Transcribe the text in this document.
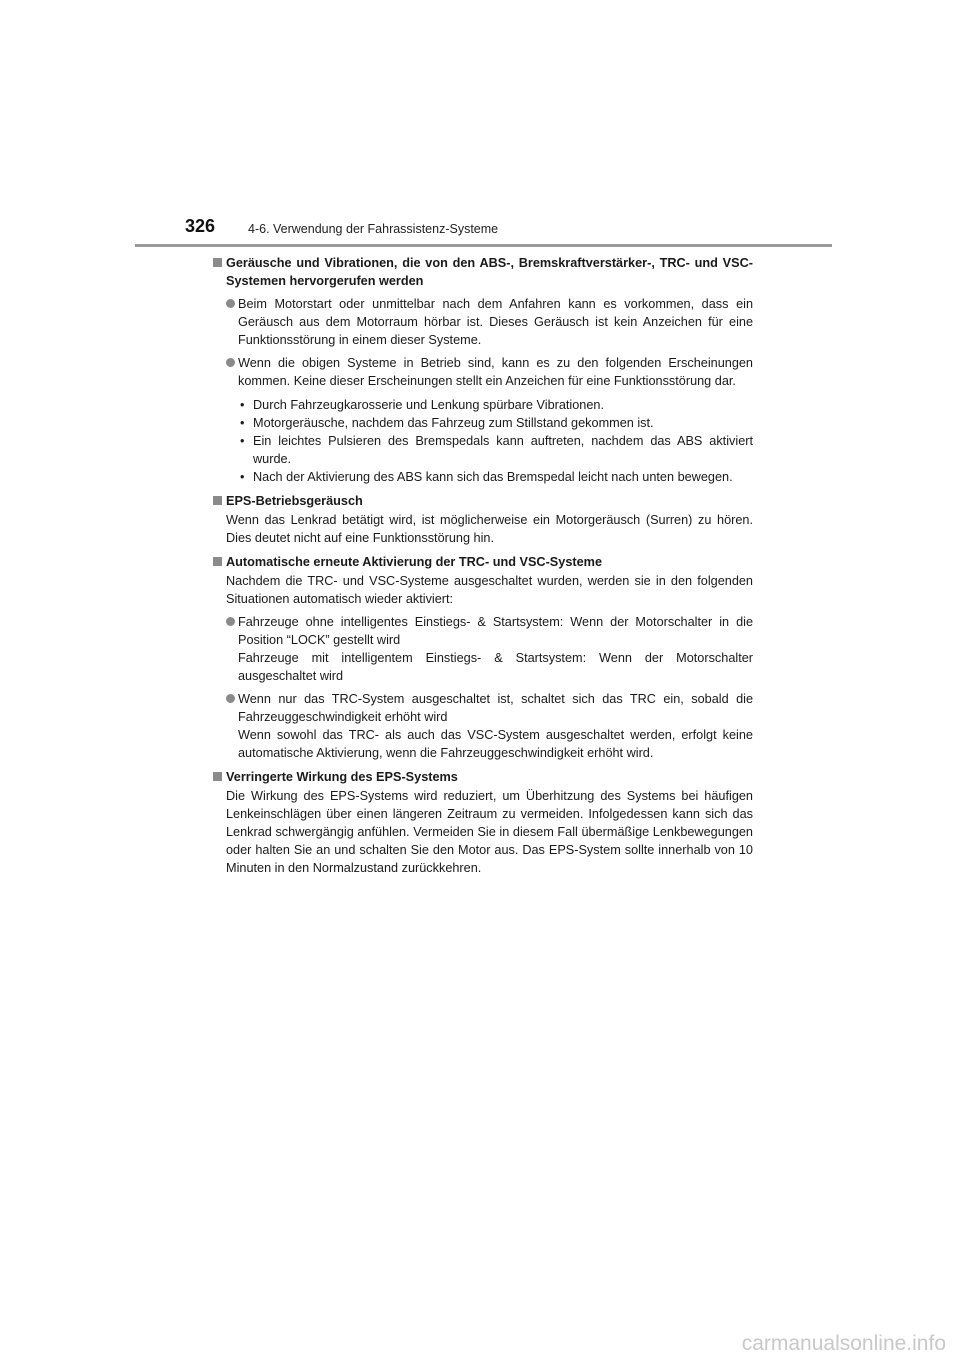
326	4-6. Verwendung der Fahrassistenz-Systeme
Geräusche und Vibrationen, die von den ABS-, Bremskraftverstärker-, TRC- und VSC-Systemen hervorgerufen werden
Beim Motorstart oder unmittelbar nach dem Anfahren kann es vorkommen, dass ein Geräusch aus dem Motorraum hörbar ist. Dieses Geräusch ist kein Anzeichen für eine Funktionsstörung in einem dieser Systeme.
Wenn die obigen Systeme in Betrieb sind, kann es zu den folgenden Erscheinungen kommen. Keine dieser Erscheinungen stellt ein Anzeichen für eine Funktionsstörung dar.
• Durch Fahrzeugkarosserie und Lenkung spürbare Vibrationen.
• Motorgeräusche, nachdem das Fahrzeug zum Stillstand gekommen ist.
• Ein leichtes Pulsieren des Bremspedals kann auftreten, nachdem das ABS aktiviert wurde.
• Nach der Aktivierung des ABS kann sich das Bremspedal leicht nach unten bewegen.
EPS-Betriebsgeräusch
Wenn das Lenkrad betätigt wird, ist möglicherweise ein Motorgeräusch (Surren) zu hören. Dies deutet nicht auf eine Funktionsstörung hin.
Automatische erneute Aktivierung der TRC- und VSC-Systeme
Nachdem die TRC- und VSC-Systeme ausgeschaltet wurden, werden sie in den folgenden Situationen automatisch wieder aktiviert:
Fahrzeuge ohne intelligentes Einstiegs- & Startsystem: Wenn der Motorschalter in die Position “LOCK” gestellt wird
Fahrzeuge mit intelligentem Einstiegs- & Startsystem: Wenn der Motorschalter ausgeschaltet wird
Wenn nur das TRC-System ausgeschaltet ist, schaltet sich das TRC ein, sobald die Fahrzeuggeschwindigkeit erhöht wird
Wenn sowohl das TRC- als auch das VSC-System ausgeschaltet werden, erfolgt keine automatische Aktivierung, wenn die Fahrzeuggeschwindigkeit erhöht wird.
Verringerte Wirkung des EPS-Systems
Die Wirkung des EPS-Systems wird reduziert, um Überhitzung des Systems bei häufigen Lenkeinschlägen über einen längeren Zeitraum zu vermeiden. Infolgedessen kann sich das Lenkrad schwergängig anfühlen. Vermeiden Sie in diesem Fall übermäßige Lenkbewegungen oder halten Sie an und schalten Sie den Motor aus. Das EPS-System sollte innerhalb von 10 Minuten in den Normalzustand zurückkehren.
carmanualsonline.info
